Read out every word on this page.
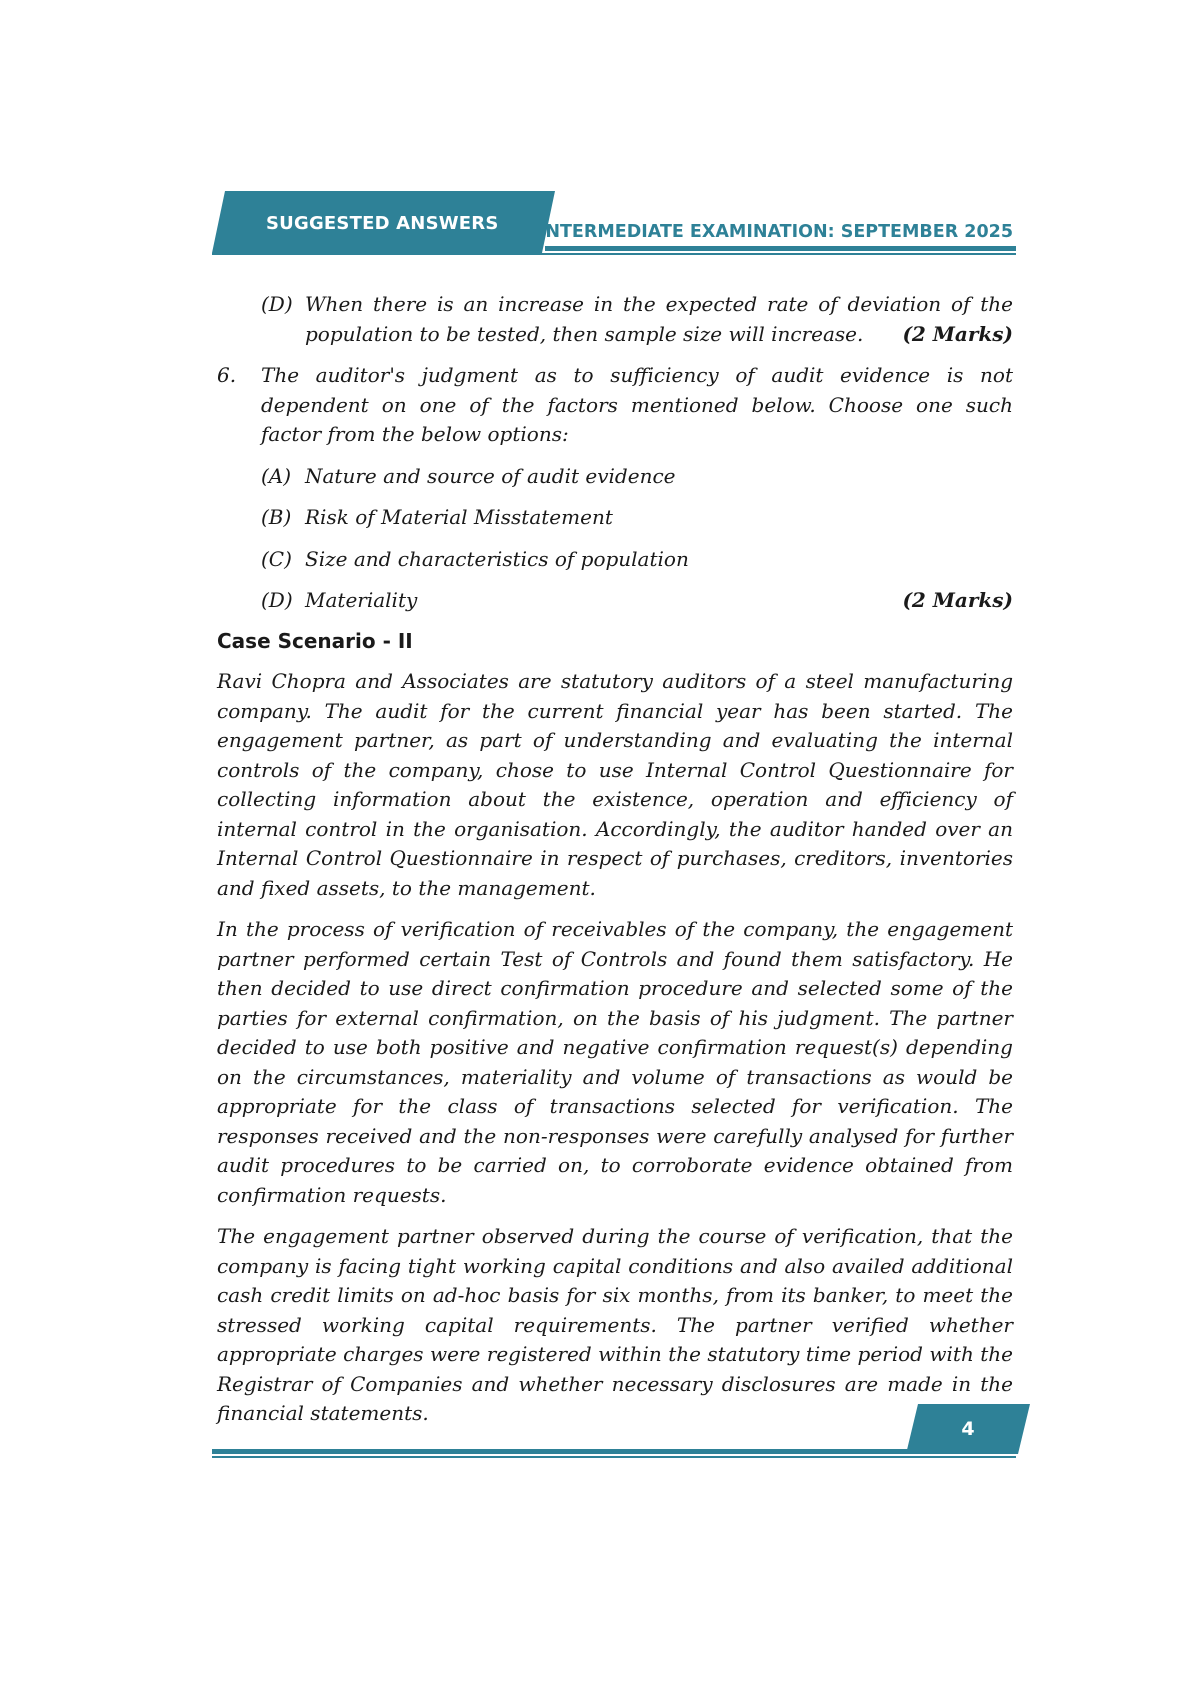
SUGGESTED ANSWERS INTERMEDIATE EXAMINATION: SEPTEMBER 2025
(D) When there is an increase in the expected rate of deviation of the population to be tested, then sample size will increase. (2 Marks)
6.	The auditor's judgment as to sufficiency of audit evidence is not dependent on one of the factors mentioned below. Choose one such factor from the below options:
(A) Nature and source of audit evidence
(B) Risk of Material Misstatement
(C) Size and characteristics of population
(D) Materiality	(2 Marks)
Case Scenario - II

Ravi Chopra and Associates are statutory auditors of a steel manufacturing company. The audit for the current financial year has been started. The engagement partner, as part of understanding and evaluating the internal controls of the company, chose to use Internal Control Questionnaire for collecting information about the existence, operation and efficiency of internal control in the organisation. Accordingly, the auditor handed over an Internal Control Questionnaire in respect of purchases, creditors, inventories and fixed assets, to the management.

In the process of verification of receivables of the company, the engagement partner performed certain Test of Controls and found them satisfactory. He then decided to use direct confirmation procedure and selected some of the parties for external confirmation, on the basis of his judgment. The partner decided to use both positive and negative confirmation request(s) depending on the circumstances, materiality and volume of transactions as would be appropriate for the class of transactions selected for verification. The responses received and the non-responses were carefully analysed for further audit procedures to be carried on, to corroborate evidence obtained from confirmation requests.

The engagement partner observed during the course of verification, that the company is facing tight working capital conditions and also availed additional cash credit limits on ad-hoc basis for six months, from its banker, to meet the stressed working capital requirements. The partner verified whether appropriate charges were registered within the statutory time period with the Registrar of Companies and whether necessary disclosures are made in the financial statements.

4
